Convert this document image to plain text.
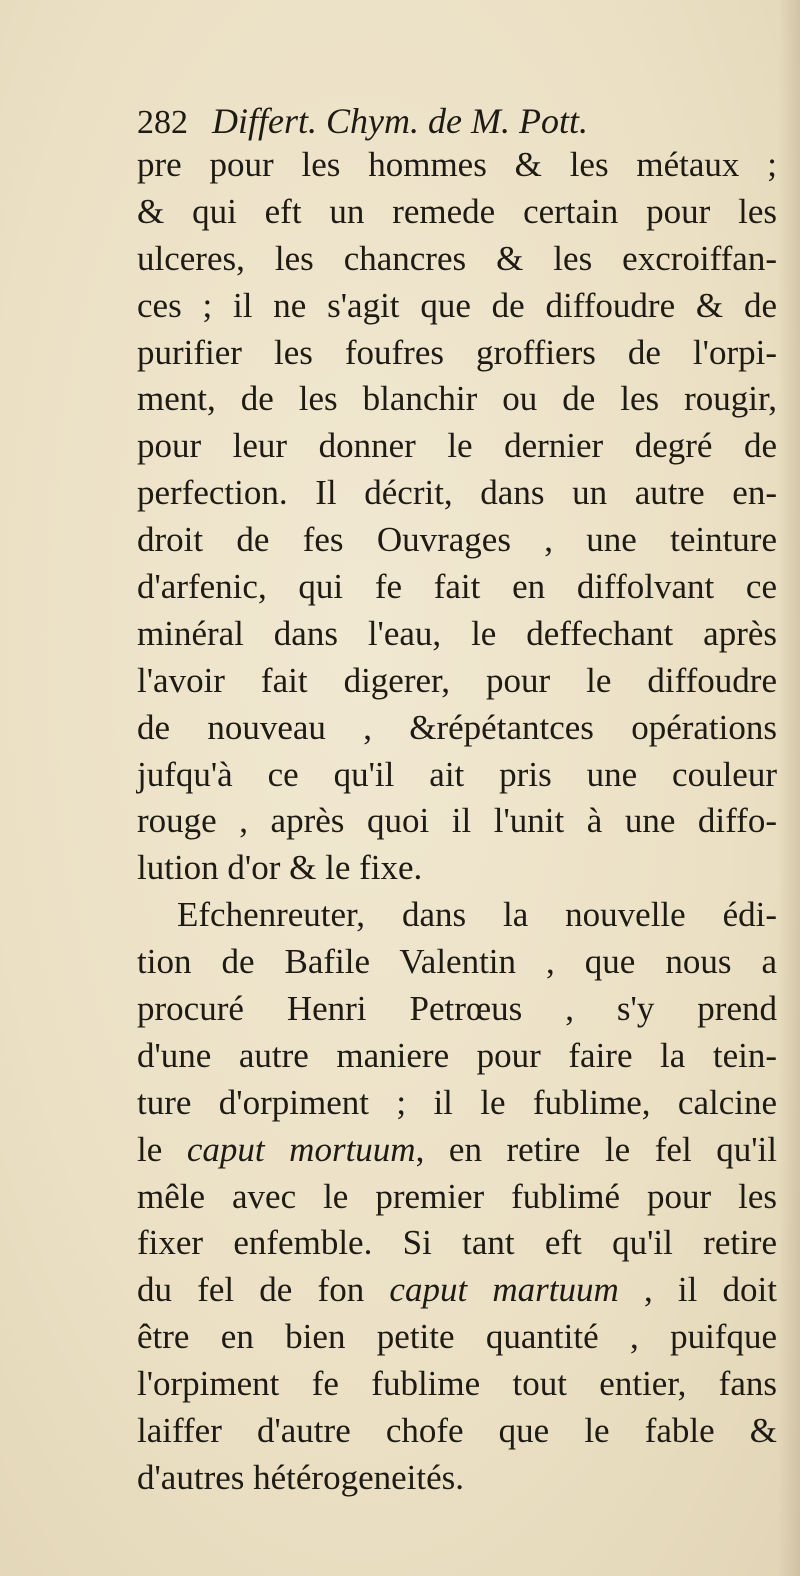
282 Differt. Chym. de M. Pott.
pre pour les hommes & les métaux ;
& qui eft un remede certain pour les
ulceres, les chancres & les excroiffan-
ces ; il ne s'agit que de diffoudre & de
purifier les foufres groffiers de l'orpi-
ment, de les blanchir ou de les rougir,
pour leur donner le dernier degré de
perfection. Il décrit, dans un autre en-
droit de fes Ouvrages , une teinture
d'arfenic, qui fe fait en diffolvant ce
minéral dans l'eau, le deffechant après
l'avoir fait digerer, pour le diffoudre
de nouveau , &répétantces opérations
jufqu'à ce qu'il ait pris une couleur
rouge , après quoi il l'unit à une diffo-
lution d'or & le fixe.
Efchenreuter, dans la nouvelle édi-
tion de Bafile Valentin , que nous a
procuré Henri Petrœus , s'y prend
d'une autre maniere pour faire la tein-
ture d'orpiment ; il le fublime, calcine
le caput mortuum, en retire le fel qu'il
mêle avec le premier fublimé pour les
fixer enfemble. Si tant eft qu'il retire
du fel de fon caput martuum , il doit
être en bien petite quantité , puifque
l'orpiment fe fublime tout entier, fans
laiffer d'autre chofe que le fable &
d'autres hétérogeneités.
